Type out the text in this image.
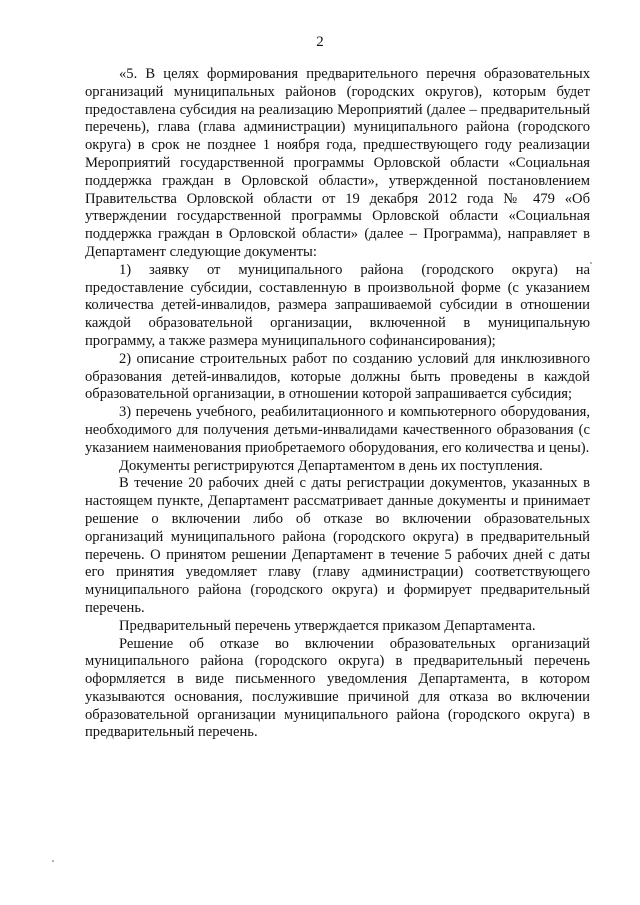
2

«5. В целях формирования предварительного перечня образовательных организаций муниципальных районов (городских округов), которым будет предоставлена субсидия на реализацию Мероприятий (далее – предварительный перечень), глава (глава администрации) муниципального района (городского округа) в срок не позднее 1 ноября года, предшествующего году реализации Мероприятий государственной программы Орловской области «Социальная поддержка граждан в Орловской области», утвержденной постановлением Правительства Орловской области от 19 декабря 2012 года № 479 «Об утверждении государственной программы Орловской области «Социальная поддержка граждан в Орловской области» (далее – Программа), направляет в Департамент следующие документы:

1) заявку от муниципального района (городского округа) на предоставление субсидии, составленную в произвольной форме (с указанием количества детей-инвалидов, размера запрашиваемой субсидии в отношении каждой образовательной организации, включенной в муниципальную программу, а также размера муниципального софинансирования);

2) описание строительных работ по созданию условий для инклюзивного образования детей-инвалидов, которые должны быть проведены в каждой образовательной организации, в отношении которой запрашивается субсидия;

3) перечень учебного, реабилитационного и компьютерного оборудования, необходимого для получения детьми-инвалидами качественного образования (с указанием наименования приобретаемого оборудования, его количества и цены).

Документы регистрируются Департаментом в день их поступления.

В течение 20 рабочих дней с даты регистрации документов, указанных в настоящем пункте, Департамент рассматривает данные документы и принимает решение о включении либо об отказе во включении образовательных организаций муниципального района (городского округа) в предварительный перечень. О принятом решении Департамент в течение 5 рабочих дней с даты его принятия уведомляет главу (главу администрации) соответствующего муниципального района (городского округа) и формирует предварительный перечень.

Предварительный перечень утверждается приказом Департамента.

Решение об отказе во включении образовательных организаций муниципального района (городского округа) в предварительный перечень оформляется в виде письменного уведомления Департамента, в котором указываются основания, послужившие причиной для отказа во включении образовательной организации муниципального района (городского округа) в предварительный перечень.
